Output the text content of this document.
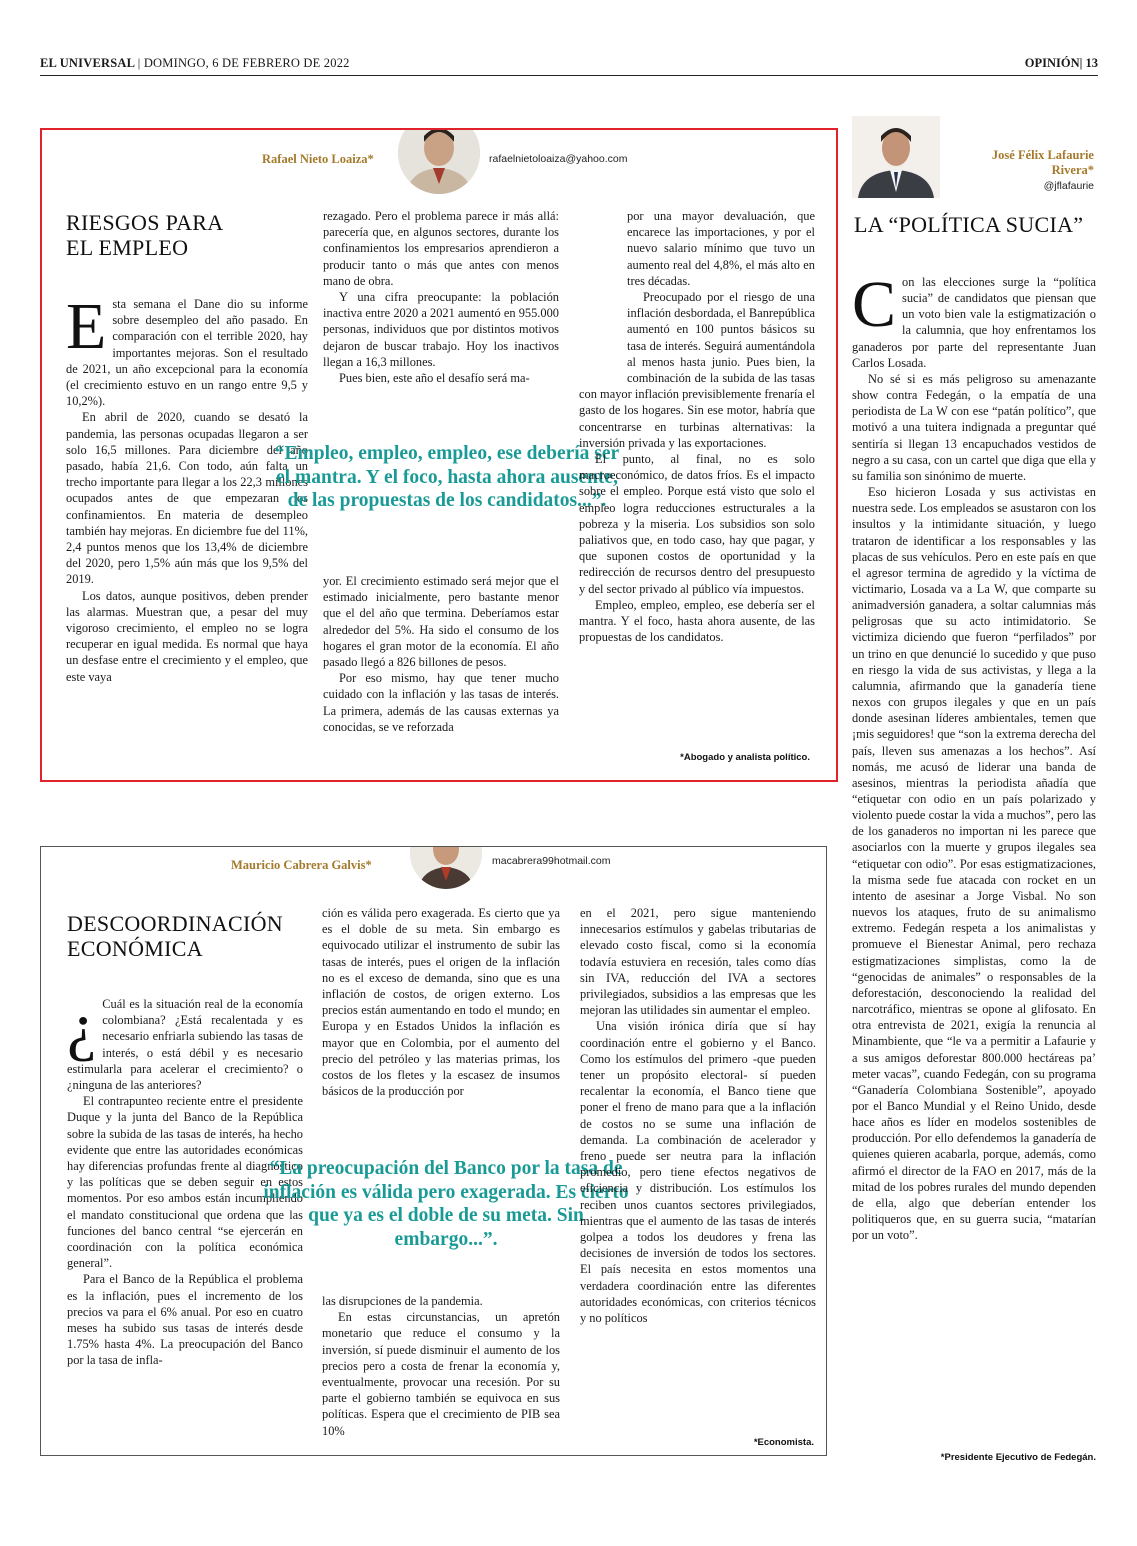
EL UNIVERSAL | DOMINGO, 6 DE FEBRERO DE 2022	OPINIÓN| 13
Rafael Nieto Loaiza*	rafaelnietoloaiza@yahoo.com
RIESGOS PARA
EL EMPLEO

Esta semana el Dane dio su informe sobre desempleo del año pasado. En comparación con el terrible 2020, hay importantes mejoras. Son el resultado de 2021, un año excepcional para la economía (el crecimiento estuvo en un rango entre 9,5 y 10,2%).

En abril de 2020, cuando se desató la pandemia, las personas ocupadas llegaron a ser solo 16,5 millones. Para diciembre del año pasado, había 21,6. Con todo, aún falta un trecho importante para llegar a los 22,3 millones ocupados antes de que empezaran los confinamientos. En materia de desempleo también hay mejoras. En diciembre fue del 11%, 2,4 puntos menos que los 13,4% de diciembre del 2020, pero 1,5% aún más que los 9,5% del 2019.

Los datos, aunque positivos, deben prender las alarmas. Muestran que, a pesar del muy vigoroso crecimiento, el empleo no se logra recuperar en igual medida. Es normal que haya un desfase entre el crecimiento y el empleo, que este vaya

rezagado. Pero el problema parece ir más allá: parecería que, en algunos sectores, durante los confinamientos los empresarios aprendieron a producir tanto o más que antes con menos mano de obra.

Y una cifra preocupante: la población inactiva entre 2020 a 2021 aumentó en 955.000 personas, individuos que por distintos motivos dejaron de buscar trabajo. Hoy los inactivos llegan a 16,3 millones.

Pues bien, este año el desafío será ma-

“Empleo, empleo, empleo, ese debería ser el mantra. Y el foco, hasta ahora ausente, de las propuestas de los candidatos...”.

yor. El crecimiento estimado será mejor que el estimado inicialmente, pero bastante menor que el del año que termina. Deberíamos estar alrededor del 5%. Ha sido el consumo de los hogares el gran motor de la economía. El año pasado llegó a 826 billones de pesos.

Por eso mismo, hay que tener mucho cuidado con la inflación y las tasas de interés. La primera, además de las causas externas ya conocidas, se ve reforzada

por una mayor devaluación, que encarece las importaciones, y por el nuevo salario mínimo que tuvo un aumento real del 4,8%, el más alto en tres décadas.

Preocupado por el riesgo de una inflación desbordada, el Banrepública aumentó en 100 puntos básicos su tasa de interés. Seguirá aumentándola al menos hasta junio. Pues bien, la combinación de la subida de las tasas con mayor inflación previsiblemente frenaría el gasto de los hogares. Sin ese motor, habría que concentrarse en turbinas alternativas: la inversión privada y las exportaciones.

El punto, al final, no es solo macroeconómico, de datos fríos. Es el impacto sobre el empleo. Porque está visto que solo el empleo logra reducciones estructurales a la pobreza y la miseria. Los subsidios son solo paliativos que, en todo caso, hay que pagar, y que suponen costos de oportunidad y la redirección de recursos dentro del presupuesto y del sector privado al público vía impuestos.

Empleo, empleo, empleo, ese debería ser el mantra. Y el foco, hasta ahora ausente, de las propuestas de los candidatos.

*Abogado y analista político.
Mauricio Cabrera Galvis*	macabrera99hotmail.com
DESCOORDINACIÓN
ECONÓMICA

¿ Cuál es la situación real de la economía colombiana? ¿Está recalentada y es necesario enfriarla subiendo las tasas de interés, o está débil y es necesario estimularla para acelerar el crecimiento? o ¿ninguna de las anteriores?

El contrapunteo reciente entre el presidente Duque y la junta del Banco de la República sobre la subida de las tasas de interés, ha hecho evidente que entre las autoridades económicas hay diferencias profundas frente al diagnóstico y las políticas que se deben seguir en estos momentos. Por eso ambos están incumpliendo el mandato constitucional que ordena que las funciones del banco central “se ejercerán en coordinación con la política económica general”.

Para el Banco de la República el problema es la inflación, pues el incremento de los precios va para el 6% anual. Por eso en cuatro meses ha subido sus tasas de interés desde 1.75% hasta 4%. La preocupación del Banco por la tasa de infla-

ción es válida pero exagerada. Es cierto que ya es el doble de su meta. Sin embargo es equivocado utilizar el instrumento de subir las tasas de interés, pues el origen de la inflación no es el exceso de demanda, sino que es una inflación de costos, de origen externo. Los precios están aumentando en todo el mundo; en Europa y en Estados Unidos la inflación es mayor que en Colombia, por el aumento del precio del petróleo y las materias primas, los costos de los fletes y la escasez de insumos básicos de la producción por

“La preocupación del Banco por la tasa de inflación es válida pero exagerada. Es cierto que ya es el doble de su meta. Sin embargo...”.

las disrupciones de la pandemia.

En estas circunstancias, un apretón monetario que reduce el consumo y la inversión, sí puede disminuir el aumento de los precios pero a costa de frenar la economía y, eventualmente, provocar una recesión. Por su parte el gobierno también se equivoca en sus políticas. Espera que el crecimiento de PIB sea 10%

en el 2021, pero sigue manteniendo innecesarios estímulos y gabelas tributarias de elevado costo fiscal, como si la economía todavía estuviera en recesión, tales como días sin IVA, reducción del IVA a sectores privilegiados, subsidios a las empresas que les mejoran las utilidades sin aumentar el empleo.

Una visión irónica diría que sí hay coordinación entre el gobierno y el Banco. Como los estímulos del primero -que pueden tener un propósito electoral- sí pueden recalentar la economía, el Banco tiene que poner el freno de mano para que a la inflación de costos no se sume una inflación de demanda. La combinación de acelerador y freno puede ser neutra para la inflación promedio, pero tiene efectos negativos de eficiencia y distribución. Los estímulos los reciben unos cuantos sectores privilegiados, mientras que el aumento de las tasas de interés golpea a todos los deudores y frena las decisiones de inversión de todos los sectores. El país necesita en estos momentos una verdadera coordinación entre las diferentes autoridades económicas, con criterios técnicos y no políticos

*Economista.
José Félix Lafaurie
Rivera*
@jflafaurie
LA “POLÍTICA SUCIA”

Con las elecciones surge la “política sucia” de candidatos que piensan que un voto bien vale la estigmatización o la calumnia, que hoy enfrentamos los ganaderos por parte del representante Juan Carlos Losada.

No sé si es más peligroso su amenazante show contra Fedegán, o la empatía de una periodista de La W con ese “patán político”, que motivó a una tuitera indignada a preguntar qué sentiría si llegan 13 encapuchados vestidos de negro a su casa, con un cartel que diga que ella y su familia son sinónimo de muerte.

Eso hicieron Losada y sus activistas en nuestra sede. Los empleados se asustaron con los insultos y la intimidante situación, y luego trataron de identificar a los responsables y las placas de sus vehículos. Pero en este país en que el agresor termina de agredido y la víctima de victimario, Losada va a La W, que comparte su animadversión ganadera, a soltar calumnias más peligrosas que su acto intimidatorio. Se victimiza diciendo que fueron “perfilados” por un trino en que denuncié lo sucedido y que puso en riesgo la vida de sus activistas, y llega a la calumnia, afirmando que la ganadería tiene nexos con grupos ilegales y que en un país donde asesinan líderes ambientales, temen que ¡mis seguidores! que “son la extrema derecha del país, lleven sus amenazas a los hechos”. Así nomás, me acusó de liderar una banda de asesinos, mientras la periodista añadía que “etiquetar con odio en un país polarizado y violento puede costar la vida a muchos”, pero las de los ganaderos no importan ni les parece que asociarlos con la muerte y grupos ilegales sea “etiquetar con odio”. Por esas estigmatizaciones, la misma sede fue atacada con rocket en un intento de asesinar a Jorge Visbal. No son nuevos los ataques, fruto de su animalismo extremo. Fedegán respeta a los animalistas y promueve el Bienestar Animal, pero rechaza estigmatizaciones simplistas, como la de “genocidas de animales” o responsables de la deforestación, desconociendo la realidad del narcotráfico, mientras se opone al glifosato. En otra entrevista de 2021, exigía la renuncia al Minambiente, que “le va a permitir a Lafaurie y a sus amigos deforestar 800.000 hectáreas pa’ meter vacas”, cuando Fedegán, con su programa “Ganadería Colombiana Sostenible”, apoyado por el Banco Mundial y el Reino Unido, desde hace años es líder en modelos sostenibles de producción. Por ello defendemos la ganadería de quienes quieren acabarla, porque, además, como afirmó el director de la FAO en 2017, más de la mitad de los pobres rurales del mundo dependen de ella, algo que deberían entender los politiqueros que, en su guerra sucia, “matarían por un voto”.

*Presidente Ejecutivo de Fedegán.
